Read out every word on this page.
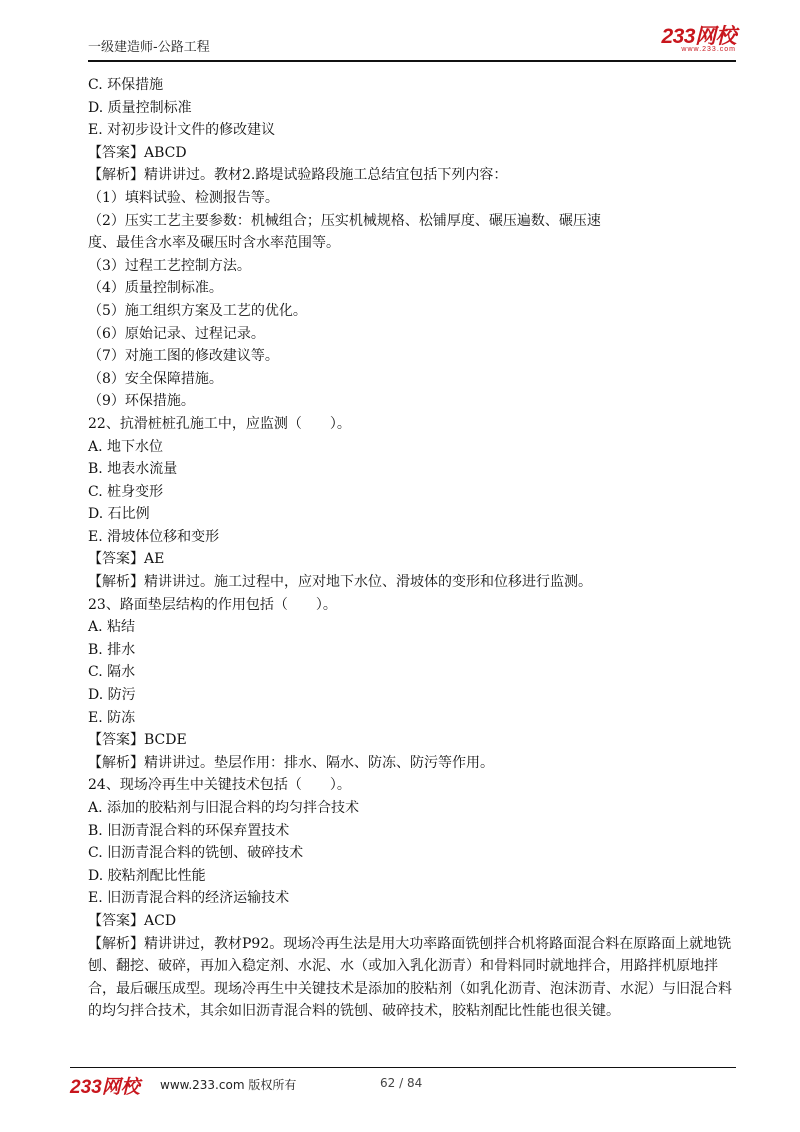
一级建造师-公路工程	233网校
www.233.com
C. 环保措施
D. 质量控制标准
E. 对初步设计文件的修改建议
【答案】ABCD
【解析】精讲讲过。教材2.路堤试验路段施工总结宜包括下列内容：
（1）填料试验、检测报告等。
（2）压实工艺主要参数：机械组合；压实机械规格、松铺厚度、碾压遍数、碾压速
度、最佳含水率及碾压时含水率范围等。
（3）过程工艺控制方法。
（4）质量控制标准。
（5）施工组织方案及工艺的优化。
（6）原始记录、过程记录。
（7）对施工图的修改建议等。
（8）安全保障措施。
（9）环保措施。
22、抗滑桩桩孔施工中，应监测（　　）。
A. 地下水位
B. 地表水流量
C. 桩身变形
D. 石比例
E. 滑坡体位移和变形
【答案】AE
【解析】精讲讲过。施工过程中，应对地下水位、滑坡体的变形和位移进行监测。
23、路面垫层结构的作用包括（　　）。
A. 粘结
B. 排水
C. 隔水
D. 防污
E. 防冻
【答案】BCDE
【解析】精讲讲过。垫层作用：排水、隔水、防冻、防污等作用。
24、现场冷再生中关键技术包括（　　）。
A. 添加的胶粘剂与旧混合料的均匀拌合技术
B. 旧沥青混合料的环保弃置技术
C. 旧沥青混合料的铣刨、破碎技术
D. 胶粘剂配比性能
E. 旧沥青混合料的经济运输技术
【答案】ACD
【解析】精讲讲过，教材P92。现场冷再生法是用大功率路面铣刨拌合机将路面混合料在原路面上就地铣刨、翻挖、破碎，再加入稳定剂、水泥、水（或加入乳化沥青）和骨料同时就地拌合，用路拌机原地拌合，最后碾压成型。现场冷再生中关键技术是添加的胶粘剂（如乳化沥青、泡沫沥青、水泥）与旧混合料的均匀拌合技术，其余如旧沥青混合料的铣刨、破碎技术，胶粘剂配比性能也很关键。
233网校 www.233.com 版权所有	62 / 84
